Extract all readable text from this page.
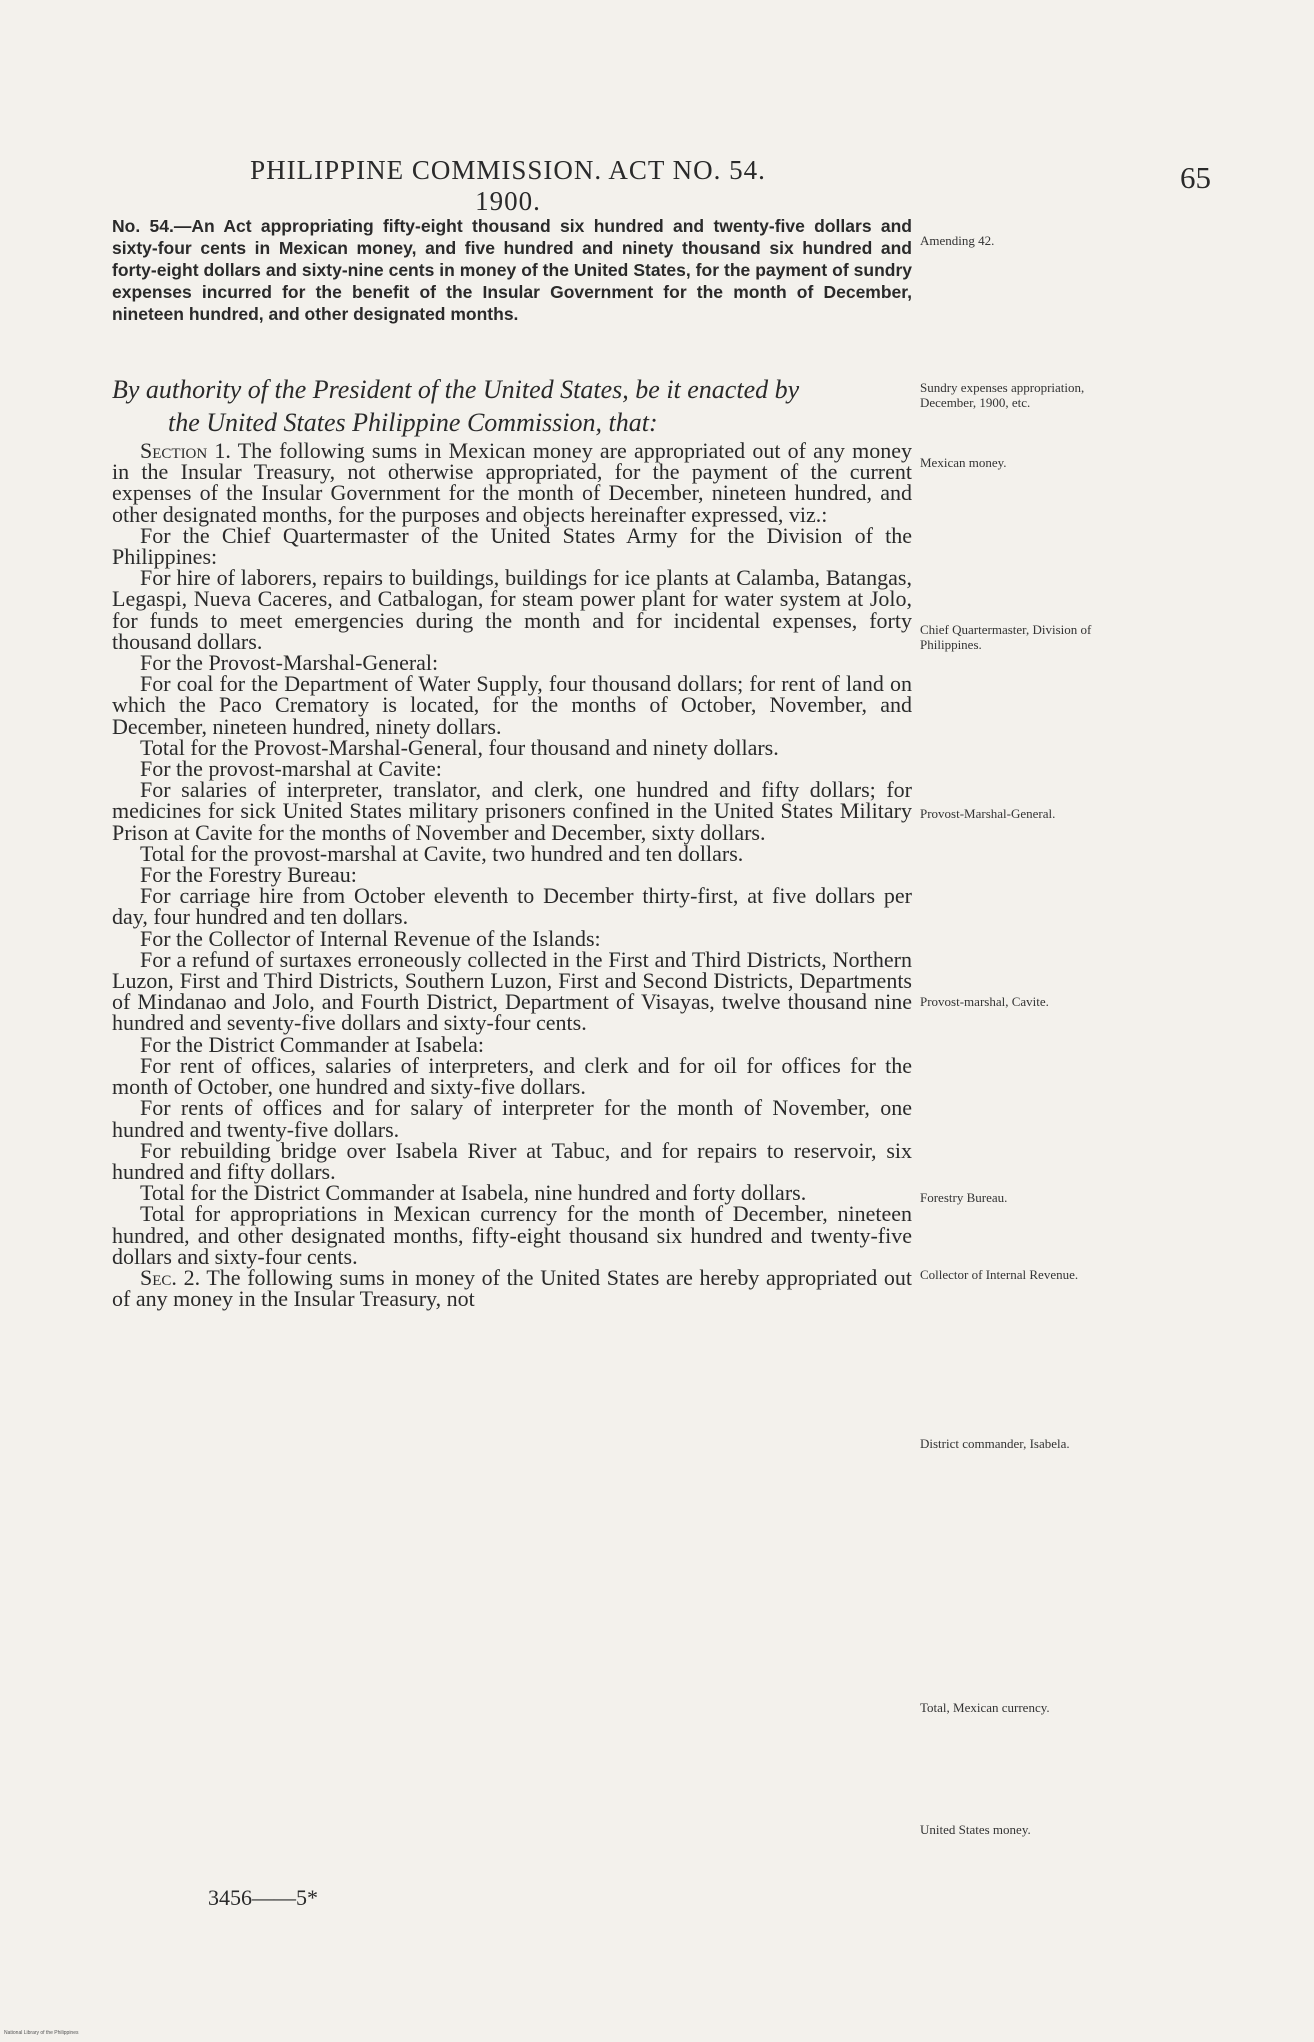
PHILIPPINE COMMISSION. ACT NO. 54. 1900.
65
No. 54.—An Act appropriating fifty-eight thousand six hundred and twenty-five dollars and sixty-four cents in Mexican money, and five hundred and ninety thousand six hundred and forty-eight dollars and sixty-nine cents in money of the United States, for the payment of sundry expenses incurred for the benefit of the Insular Government for the month of December, nineteen hundred, and other designated months.
By authority of the President of the United States, be it enacted by
the United States Philippine Commission, that:

Section 1. The following sums in Mexican money are appropriated out of any money in the Insular Treasury, not otherwise appropriated, for the payment of the current expenses of the Insular Government for the month of December, nineteen hundred, and other designated months, for the purposes and objects hereinafter expressed, viz.:

For the Chief Quartermaster of the United States Army for the Division of the Philippines:

For hire of laborers, repairs to buildings, buildings for ice plants at Calamba, Batangas, Legaspi, Nueva Caceres, and Catbalogan, for steam power plant for water system at Jolo, for funds to meet emergencies during the month and for incidental expenses, forty thousand dollars.

For the Provost-Marshal-General:

For coal for the Department of Water Supply, four thousand dollars; for rent of land on which the Paco Crematory is located, for the months of October, November, and December, nineteen hundred, ninety dollars.

Total for the Provost-Marshal-General, four thousand and ninety dollars.

For the provost-marshal at Cavite:

For salaries of interpreter, translator, and clerk, one hundred and fifty dollars; for medicines for sick United States military prisoners confined in the United States Military Prison at Cavite for the months of November and December, sixty dollars.

Total for the provost-marshal at Cavite, two hundred and ten dollars.

For the Forestry Bureau:

For carriage hire from October eleventh to December thirty-first, at five dollars per day, four hundred and ten dollars.

For the Collector of Internal Revenue of the Islands:

For a refund of surtaxes erroneously collected in the First and Third Districts, Northern Luzon, First and Third Districts, Southern Luzon, First and Second Districts, Departments of Mindanao and Jolo, and Fourth District, Department of Visayas, twelve thousand nine hundred and seventy-five dollars and sixty-four cents.

For the District Commander at Isabela:

For rent of offices, salaries of interpreters, and clerk and for oil for offices for the month of October, one hundred and sixty-five dollars.

For rents of offices and for salary of interpreter for the month of November, one hundred and twenty-five dollars.

For rebuilding bridge over Isabela River at Tabuc, and for repairs to reservoir, six hundred and fifty dollars.

Total for the District Commander at Isabela, nine hundred and forty dollars.

Total for appropriations in Mexican currency for the month of December, nineteen hundred, and other designated months, fifty-eight thousand six hundred and twenty-five dollars and sixty-four cents.

Sec. 2. The following sums in money of the United States are hereby appropriated out of any money in the Insular Treasury, not

3456——5*
Amending 42.
Sundry expenses appropriation, December, 1900, etc.
Mexican money.
Chief Quartermaster, Division of Philippines.
Provost-Marshal-General.
Provost-marshal, Cavite.
Forestry Bureau.
Collector of Internal Revenue.
District commander, Isabela.
Total, Mexican currency.
United States money.
National Library of the Philippines
